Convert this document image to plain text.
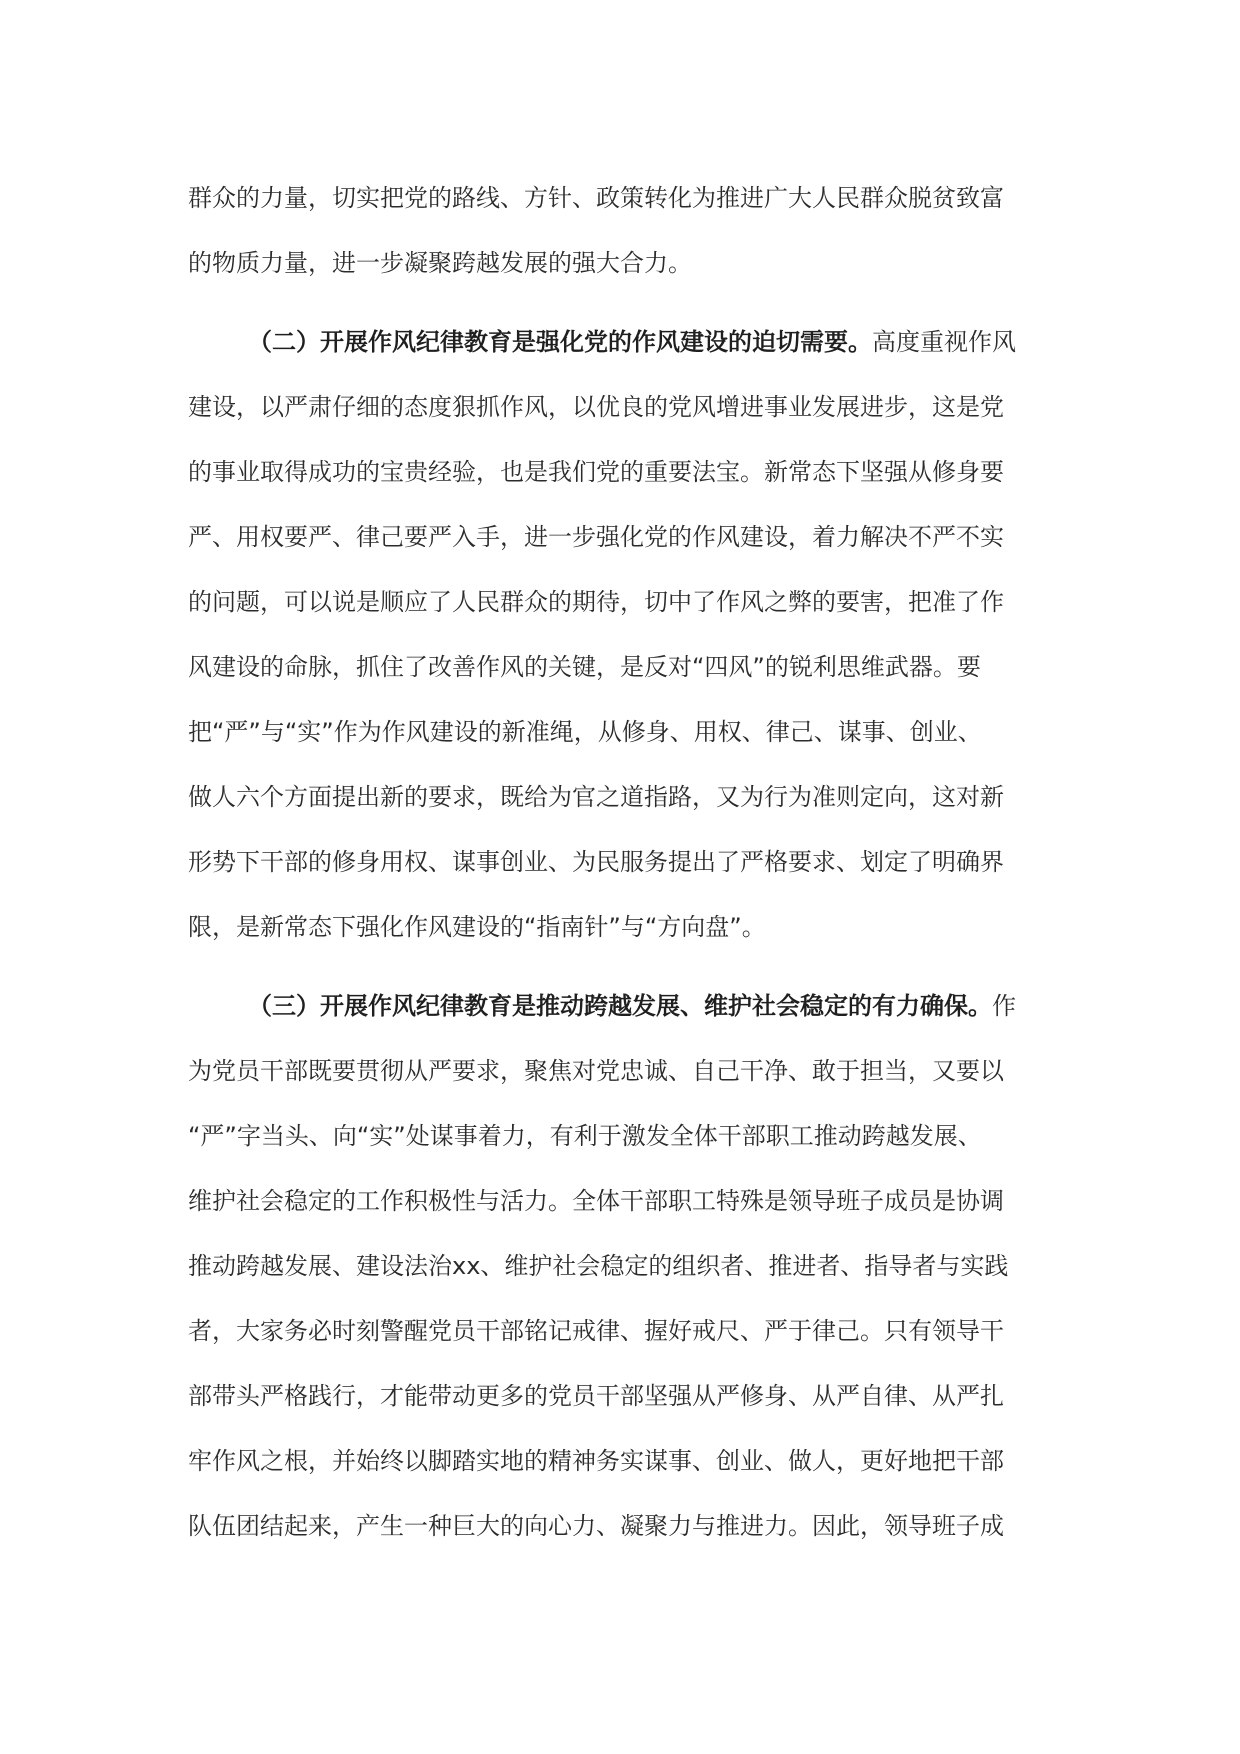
群众的力量，切实把党的路线、方针、政策转化为推进广大人民群众脱贫致富
的物质力量，进一步凝聚跨越发展的强大合力。
（二）开展作风纪律教育是强化党的作风建设的迫切需要。高度重视作风
建设，以严肃仔细的态度狠抓作风，以优良的党风增进事业发展进步，这是党
的事业取得成功的宝贵经验，也是我们党的重要法宝。新常态下坚强从修身要
严、用权要严、律己要严入手，进一步强化党的作风建设，着力解决不严不实
的问题，可以说是顺应了人民群众的期待，切中了作风之弊的要害，把准了作
风建设的命脉，抓住了改善作风的关键，是反对“四风”的锐利思维武器。要
把“严”与“实”作为作风建设的新准绳，从修身、用权、律己、谋事、创业、
做人六个方面提出新的要求，既给为官之道指路，又为行为准则定向，这对新
形势下干部的修身用权、谋事创业、为民服务提出了严格要求、划定了明确界
限，是新常态下强化作风建设的“指南针”与“方向盘”。
（三）开展作风纪律教育是推动跨越发展、维护社会稳定的有力确保。作
为党员干部既要贯彻从严要求，聚焦对党忠诚、自己干净、敢于担当，又要以
“严”字当头、向“实”处谋事着力，有利于激发全体干部职工推动跨越发展、
维护社会稳定的工作积极性与活力。全体干部职工特殊是领导班子成员是协调
推动跨越发展、建设法治xx、维护社会稳定的组织者、推进者、指导者与实践
者，大家务必时刻警醒党员干部铭记戒律、握好戒尺、严于律己。只有领导干
部带头严格践行，才能带动更多的党员干部坚强从严修身、从严自律、从严扎
牢作风之根，并始终以脚踏实地的精神务实谋事、创业、做人，更好地把干部
队伍团结起来，产生一种巨大的向心力、凝聚力与推进力。因此，领导班子成
